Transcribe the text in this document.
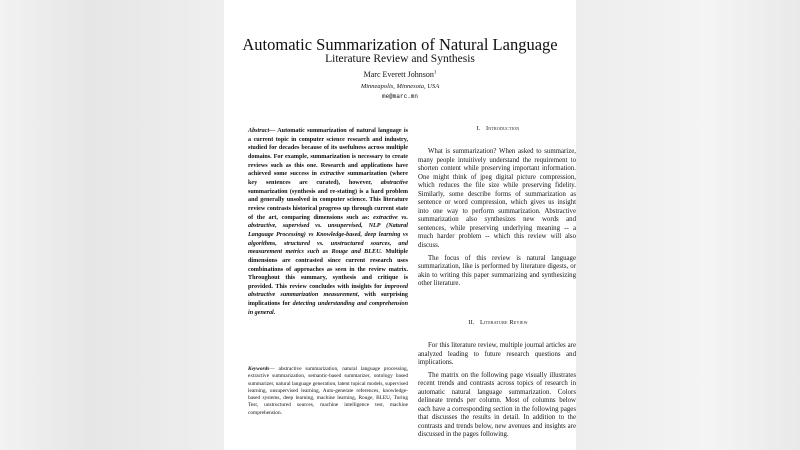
Automatic Summarization of Natural Language
Literature Review and Synthesis
Marc Everett Johnson$^1$
Minneapolis, Minnesota, USA
me@marc.mn
Abstract— Automatic summarization of natural language is a current topic in computer science research and industry, studied for decades because of its usefulness across multiple domains. For example, summarization is necessary to create reviews such as this one. Research and applications have achieved some success in extractive summarization (where key sentences are curated), however, abstractive summarization (synthesis and re-stating) is a hard problem and generally unsolved in computer science. This literature review contrasts historical progress up through current state of the art, comparing dimensions such as: extractive vs. abstractive, supervised vs. unsupervised, NLP (Natural Language Processing) vs Knowledge-based, deep learning vs algorithms, structured vs. unstructured sources, and measurement metrics such as Rouge and BLEU. Multiple dimensions are contrasted since current research uses combinations of approaches as seen in the review matrix. Throughout this summary, synthesis and critique is provided. This review concludes with insights for improved abstractive summarization measurement, with surprising implications for detecting understanding and comprehension in general.
Keywords— abstractive summarization, natural language processing, extractive summarization, semantic-based summarizer, ontology based summarizer, natural language generation, latent topical models, supervised learning, unsupervised learning, Auto-generate references, knowledge-based systems, deep learning, machine learning, Rouge, BLEU, Turing Test, unstructured sources, machine intelligence test, machine comprehension.
I. Introduction

What is summarization? When asked to summarize, many people intuitively understand the requirement to shorten content while preserving important information. One might think of jpeg digital picture compression, which reduces the file size while preserving fidelity. Similarly, some describe forms of summarization as sentence or word compression, which gives us insight into one way to perform summarization. Abstractive summarization also synthesizes new words and sentences, while preserving underlying meaning -- a much harder problem -- which this review will also discuss.

The focus of this review is natural language summarization, like is performed by literature digests, or akin to writing this paper summarizing and synthesizing other literature.

II. Literature Review

For this literature review, multiple journal articles are analyzed leading to future research questions and implications.

The matrix on the following page visually illustrates recent trends and contrasts across topics of research in automatic natural language summarization. Colors delineate trends per column. Most of columns below each have a corresponding section in the following pages that discusses the results in detail. In addition to the contrasts and trends below, new avenues and insights are discussed in the pages following.
